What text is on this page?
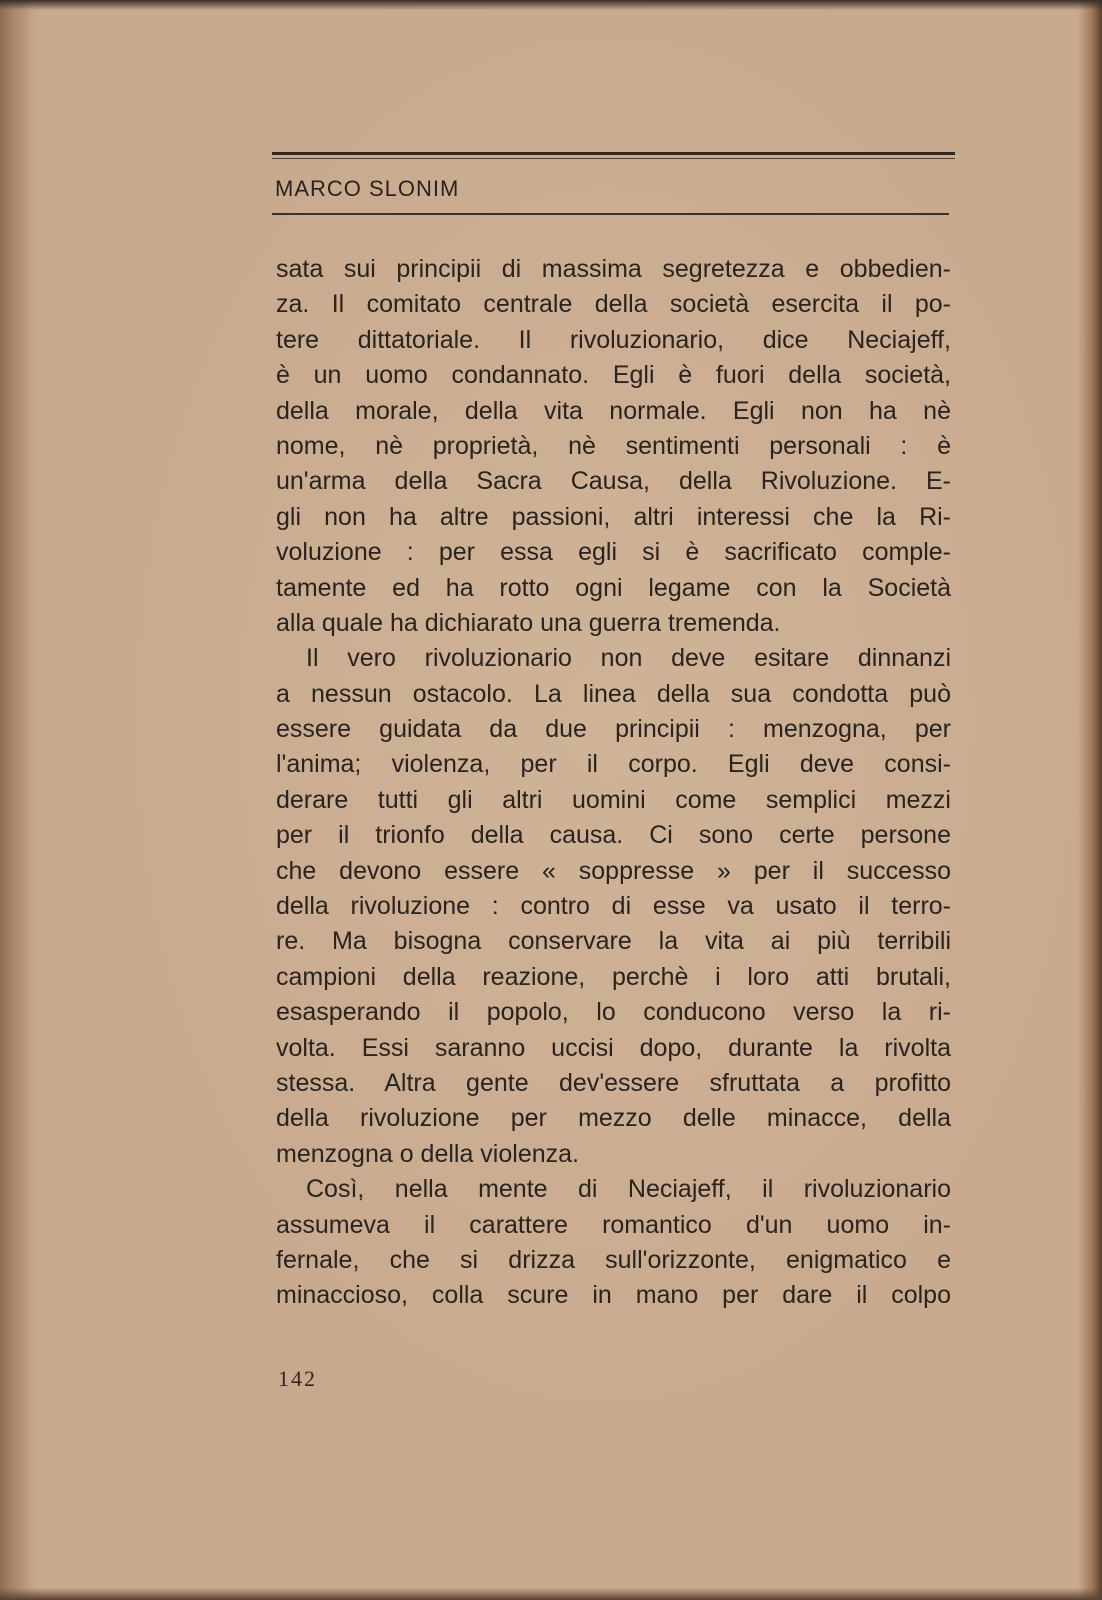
MARCO SLONIM

sata sui principii di massima segretezza e obbedien-
za. Il comitato centrale della società esercita il po-
tere dittatoriale. Il rivoluzionario, dice Neciajeff,
è un uomo condannato. Egli è fuori della società,
della morale, della vita normale. Egli non ha nè
nome, nè proprietà, nè sentimenti personali : è
un'arma della Sacra Causa, della Rivoluzione. E-
gli non ha altre passioni, altri interessi che la Ri-
voluzione : per essa egli si è sacrificato comple-
tamente ed ha rotto ogni legame con la Società
alla quale ha dichiarato una guerra tremenda.
Il vero rivoluzionario non deve esitare dinnanzi
a nessun ostacolo. La linea della sua condotta può
essere guidata da due principii : menzogna, per
l'anima; violenza, per il corpo. Egli deve consi-
derare tutti gli altri uomini come semplici mezzi
per il trionfo della causa. Ci sono certe persone
che devono essere « soppresse » per il successo
della rivoluzione : contro di esse va usato il terro-
re. Ma bisogna conservare la vita ai più terribili
campioni della reazione, perchè i loro atti brutali,
esasperando il popolo, lo conducono verso la ri-
volta. Essi saranno uccisi dopo, durante la rivolta
stessa. Altra gente dev'essere sfruttata a profitto
della rivoluzione per mezzo delle minacce, della
menzogna o della violenza.
Così, nella mente di Neciajeff, il rivoluzionario
assumeva il carattere romantico d'un uomo in-
fernale, che si drizza sull'orizzonte, enigmatico e
minaccioso, colla scure in mano per dare il colpo

142
